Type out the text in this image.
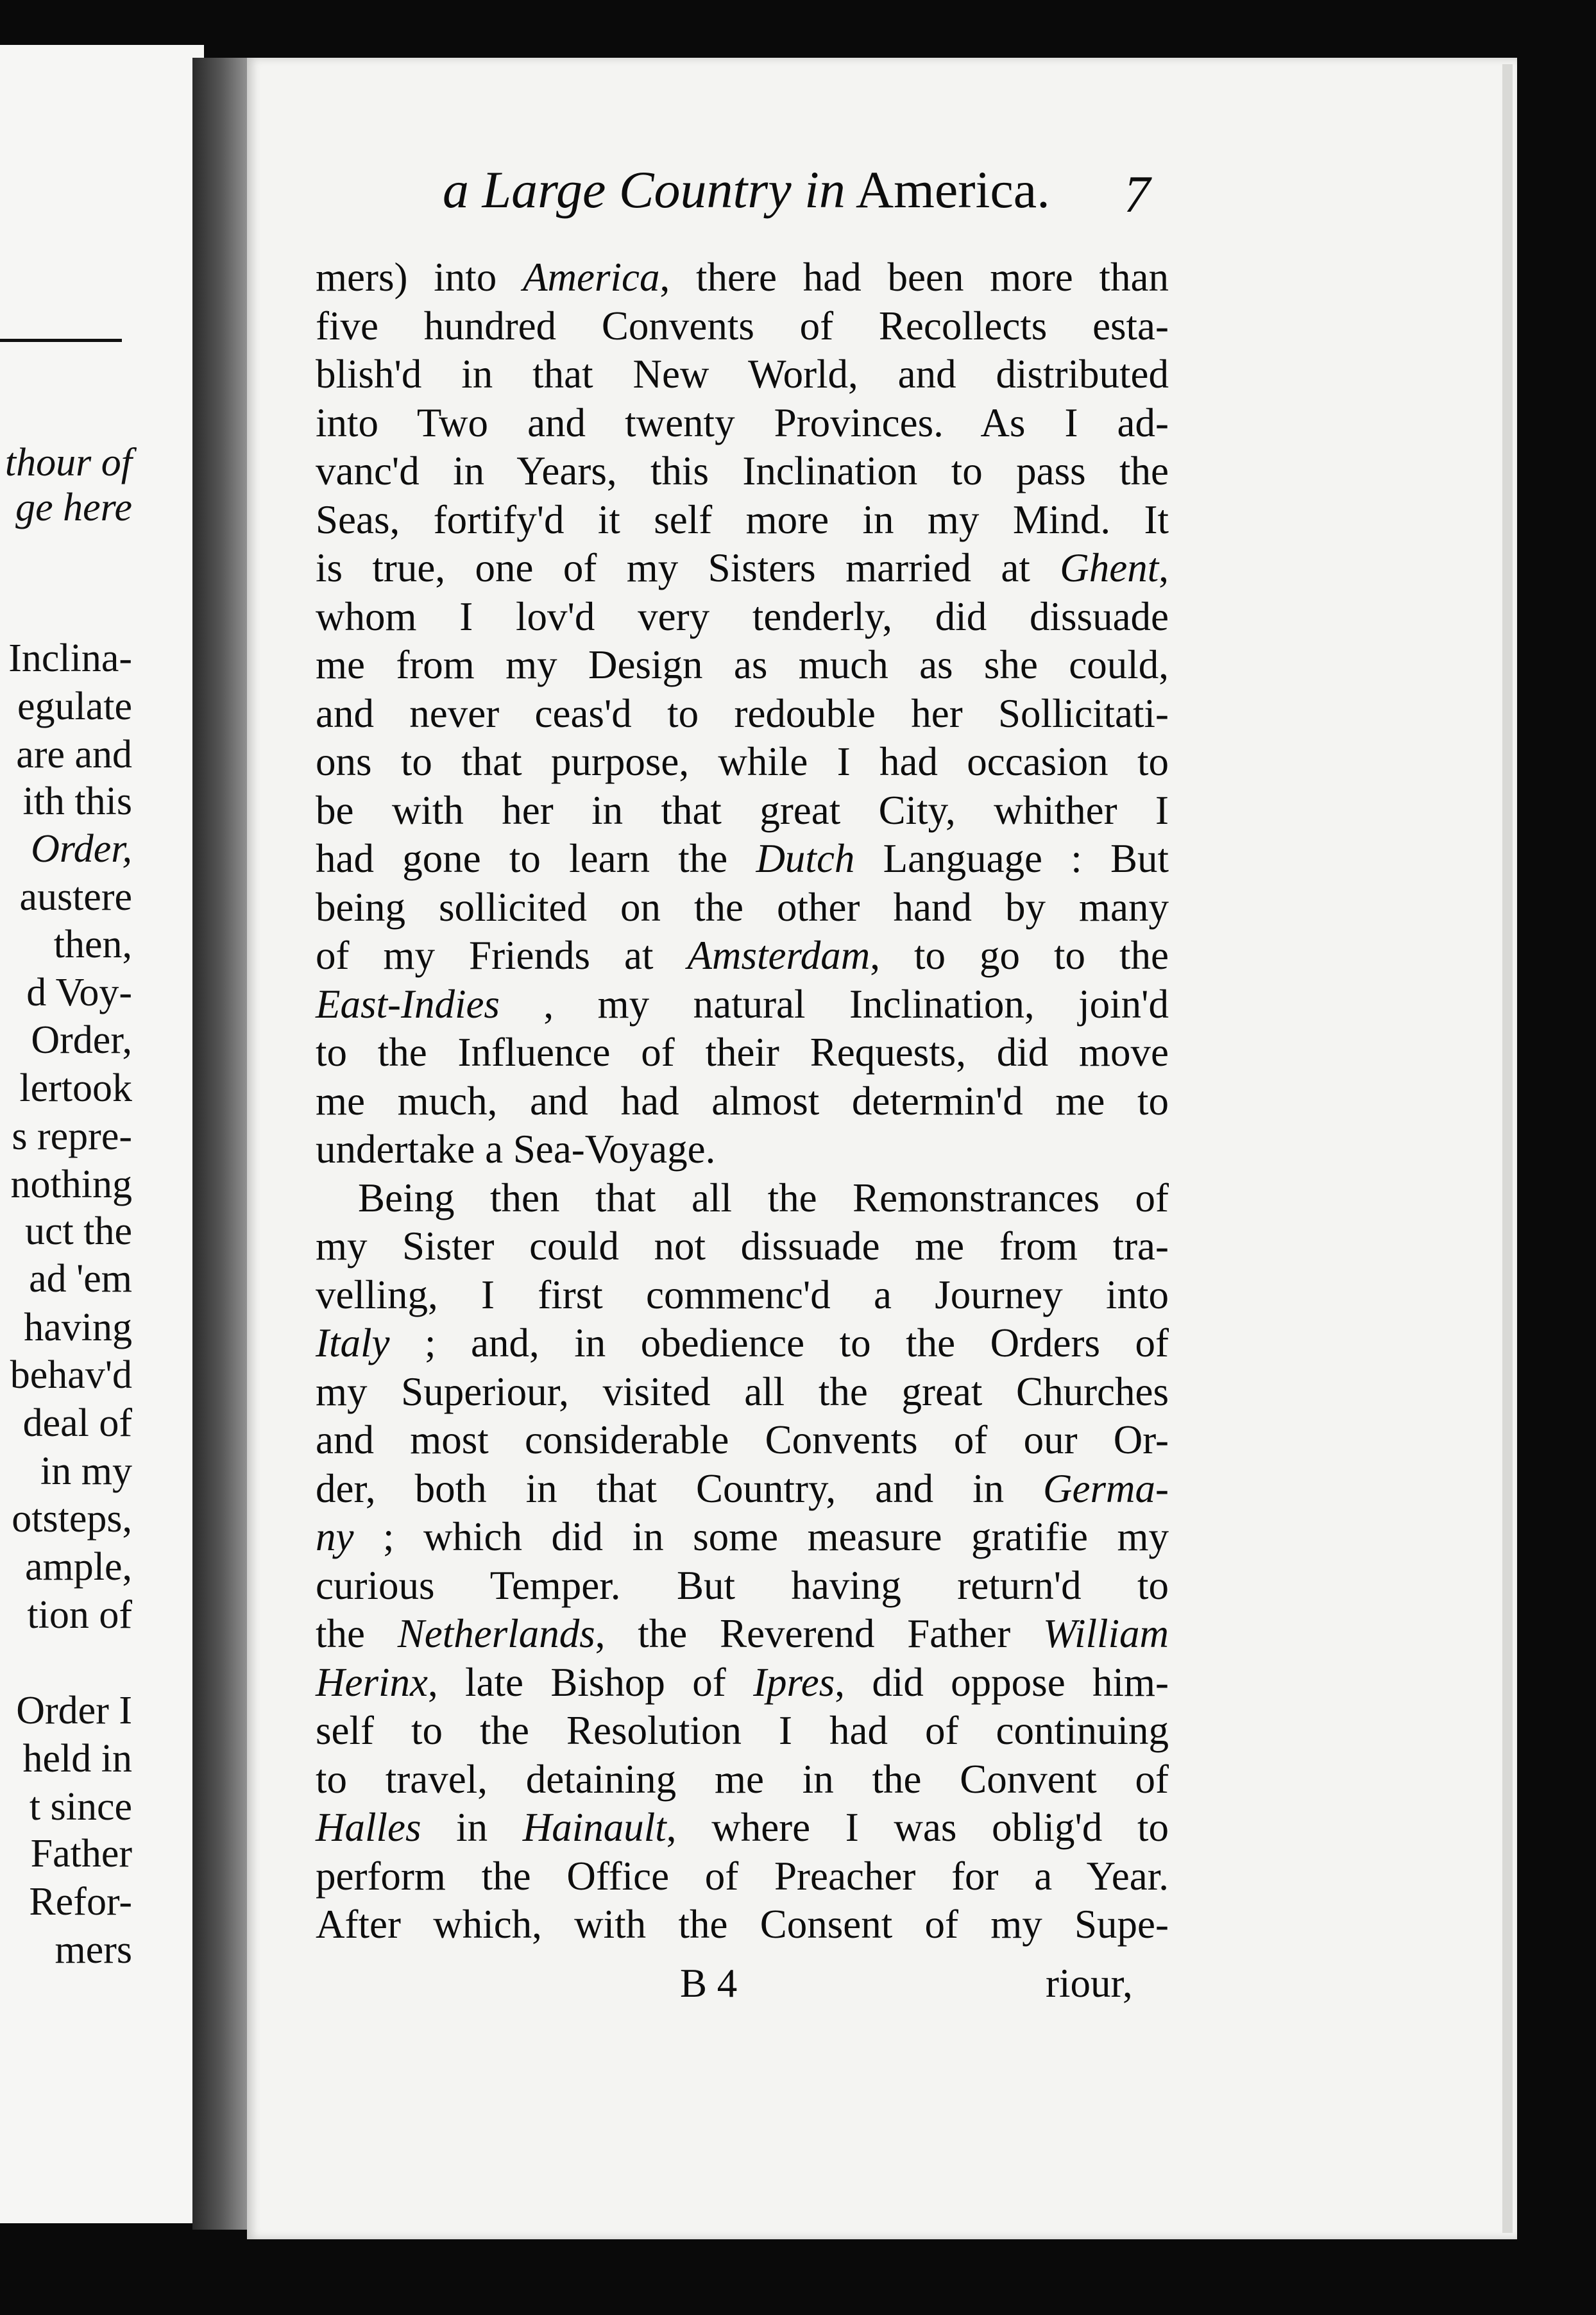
thour of
ge here
Inclina-
egulate
are and
ith this
Order,
austere
then,
d Voy-
Order,
lertook
s repre-
nothing
uct the
ad 'em
having
behav'd
deal of
in my
otsteps,
ample,
tion of
Order I
held in
t since
Father
Refor-
mers
a Large Country in America. 7
mers) into America, there had been more than
five hundred Convents of Recollects esta-
blish'd in that New World, and distributed
into Two and twenty Provinces. As I ad-
vanc'd in Years, this Inclination to pass the
Seas, fortify'd it self more in my Mind. It
is true, one of my Sisters married at Ghent,
whom I lov'd very tenderly, did dissuade
me from my Design as much as she could,
and never ceas'd to redouble her Sollicitati-
ons to that purpose, while I had occasion to
be with her in that great City, whither I
had gone to learn the Dutch Language : But
being sollicited on the other hand by many
of my Friends at Amsterdam, to go to the
East-Indies , my natural Inclination, join'd
to the Influence of their Requests, did move
me much, and had almost determin'd me to
undertake a Sea-Voyage.
Being then that all the Remonstrances of
my Sister could not dissuade me from tra-
velling, I first commenc'd a Journey into
Italy ; and, in obedience to the Orders of
my Superiour, visited all the great Churches
and most considerable Convents of our Or-
der, both in that Country, and in Germa-
ny ; which did in some measure gratifie my
curious Temper. But having return'd to
the Netherlands, the Reverend Father William
Herinx, late Bishop of Ipres, did oppose him-
self to the Resolution I had of continuing
to travel, detaining me in the Convent of
Halles in Hainault, where I was oblig'd to
perform the Office of Preacher for a Year.
After which, with the Consent of my Supe-
B 4	riour,
